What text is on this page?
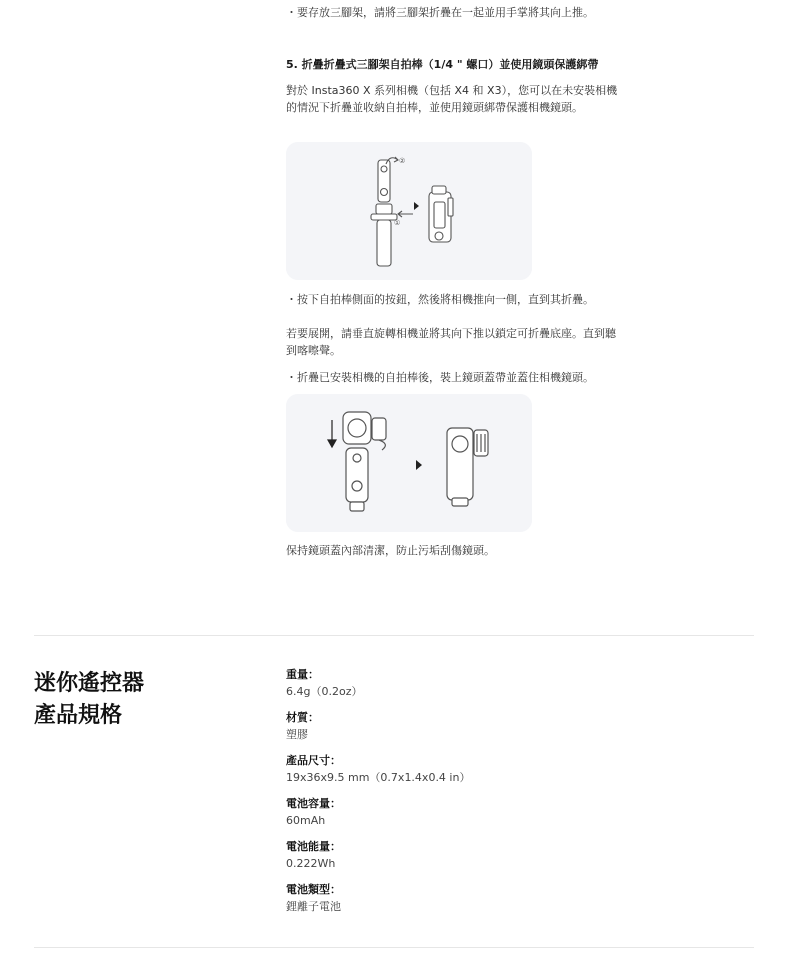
・要存放三腳架，請將三腳架折疊在一起並用手掌將其向上推。

5. 折疊折疊式三腳架自拍棒（1/4 " 螺口）並使用鏡頭保護綁帶

對於 Insta360 X 系列相機（包括 X4 和 X3），您可以在未安裝相機的情況下折疊並收納自拍棒，並使用鏡頭綁帶保護相機鏡頭。

②
①

・按下自拍棒側面的按鈕，然後將相機推向一側，直到其折疊。

若要展開，請垂直旋轉相機並將其向下推以鎖定可折疊底座。直到聽到喀嚓聲。

・折疊已安裝相機的自拍棒後，裝上鏡頭蓋帶並蓋住相機鏡頭。

保持鏡頭蓋內部清潔，防止污垢刮傷鏡頭。

迷你遙控器
產品規格
重量：
6.4g（0.2oz）
材質：
塑膠
產品尺寸：
19x36x9.5 mm（0.7x1.4x0.4 in）
電池容量：
60mAh
電池能量：
0.222Wh
電池類型：
鋰離子電池
